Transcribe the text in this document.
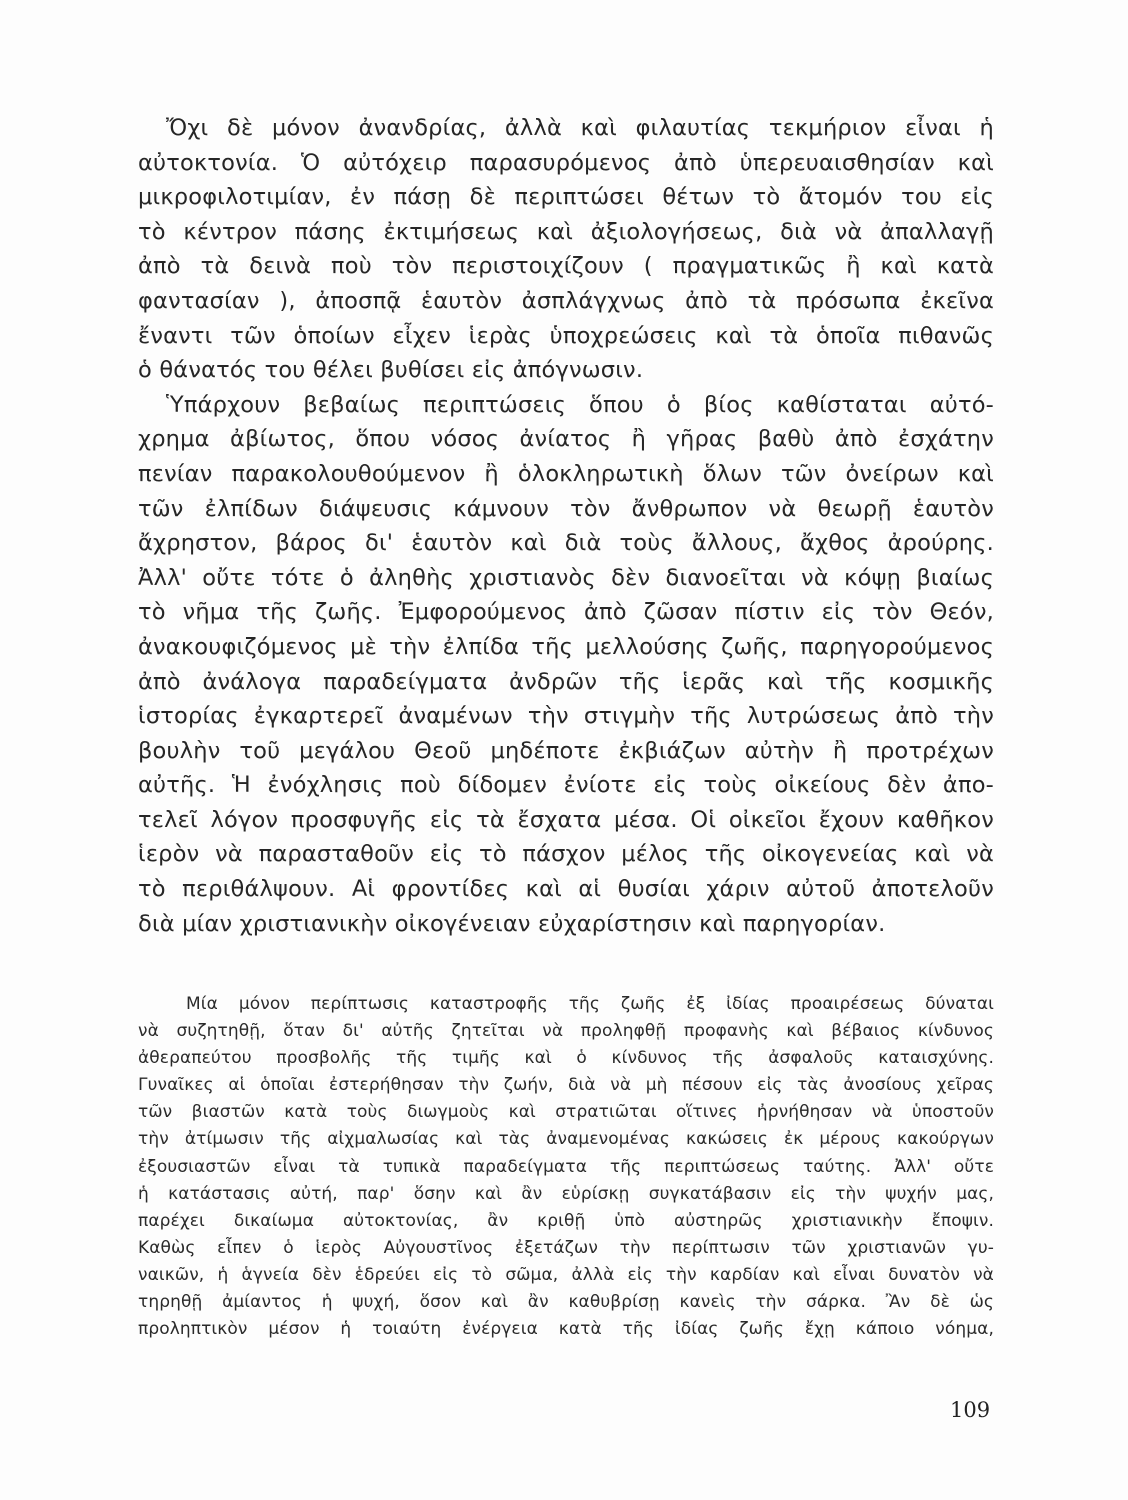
Ὄχι δὲ μόνον ἀνανδρίας, ἀλλὰ καὶ φιλαυτίας τεκμήριον εἶναι ἡ
αὐτοκτονία. Ὁ αὐτόχειρ παρασυρόμενος ἀπὸ ὑπερευαισθησίαν καὶ
μικροφιλοτιμίαν, ἐν πάσῃ δὲ περιπτώσει θέτων τὸ ἄτομόν του εἰς
τὸ κέντρον πάσης ἐκτιμήσεως καὶ ἀξιολογήσεως, διὰ νὰ ἀπαλλαγῇ
ἀπὸ τὰ δεινὰ ποὺ τὸν περιστοιχίζουν ( πραγματικῶς ἢ καὶ κατὰ
φαντασίαν ), ἀποσπᾷ ἑαυτὸν ἀσπλάγχνως ἀπὸ τὰ πρόσωπα ἐκεῖνα
ἔναντι τῶν ὁποίων εἶχεν ἱερὰς ὑποχρεώσεις καὶ τὰ ὁποῖα πιθανῶς
ὁ θάνατός του θέλει βυθίσει εἰς ἀπόγνωσιν.
Ὑπάρχουν βεβαίως περιπτώσεις ὅπου ὁ βίος καθίσταται αὐτό-
χρημα ἀβίωτος, ὅπου νόσος ἀνίατος ἢ γῆρας βαθὺ ἀπὸ ἐσχάτην
πενίαν παρακολουθούμενον ἢ ὁλοκληρωτικὴ ὅλων τῶν ὀνείρων καὶ
τῶν ἐλπίδων διάψευσις κάμνουν τὸν ἄνθρωπον νὰ θεωρῇ ἑαυτὸν
ἄχρηστον, βάρος δι' ἑαυτὸν καὶ διὰ τοὺς ἄλλους, ἄχθος ἀρούρης.
Ἀλλ' οὔτε τότε ὁ ἀληθὴς χριστιανὸς δὲν διανοεῖται νὰ κόψῃ βιαίως
τὸ νῆμα τῆς ζωῆς. Ἐμφορούμενος ἀπὸ ζῶσαν πίστιν εἰς τὸν Θεόν,
ἀνακουφιζόμενος μὲ τὴν ἐλπίδα τῆς μελλούσης ζωῆς, παρηγορούμενος
ἀπὸ ἀνάλογα παραδείγματα ἀνδρῶν τῆς ἱερᾶς καὶ τῆς κοσμικῆς
ἱστορίας ἐγκαρτερεῖ ἀναμένων τὴν στιγμὴν τῆς λυτρώσεως ἀπὸ τὴν
βουλὴν τοῦ μεγάλου Θεοῦ μηδέποτε ἐκβιάζων αὐτὴν ἢ προτρέχων
αὐτῆς. Ἡ ἐνόχλησις ποὺ δίδομεν ἐνίοτε εἰς τοὺς οἰκείους δὲν ἀπο-
τελεῖ λόγον προσφυγῆς εἰς τὰ ἔσχατα μέσα. Οἱ οἰκεῖοι ἔχουν καθῆκον
ἱερὸν νὰ παρασταθοῦν εἰς τὸ πάσχον μέλος τῆς οἰκογενείας καὶ νὰ
τὸ περιθάλψουν. Αἱ φροντίδες καὶ αἱ θυσίαι χάριν αὐτοῦ ἀποτελοῦν
διὰ μίαν χριστιανικὴν οἰκογένειαν εὐχαρίστησιν καὶ παρηγορίαν.
Μία μόνον περίπτωσις καταστροφῆς τῆς ζωῆς ἐξ ἰδίας προαιρέσεως δύναται
νὰ συζητηθῇ, ὅταν δι' αὐτῆς ζητεῖται νὰ προληφθῇ προφανὴς καὶ βέβαιος κίνδυνος
ἀθεραπεύτου προσβολῆς τῆς τιμῆς καὶ ὁ κίνδυνος τῆς ἀσφαλοῦς καταισχύνης.
Γυναῖκες αἱ ὁποῖαι ἐστερήθησαν τὴν ζωήν, διὰ νὰ μὴ πέσουν εἰς τὰς ἀνοσίους χεῖρας
τῶν βιαστῶν κατὰ τοὺς διωγμοὺς καὶ στρατιῶται οἵτινες ἠρνήθησαν νὰ ὑποστοῦν
τὴν ἀτίμωσιν τῆς αἰχμαλωσίας καὶ τὰς ἀναμενομένας κακώσεις ἐκ μέρους κακούργων
ἐξουσιαστῶν εἶναι τὰ τυπικὰ παραδείγματα τῆς περιπτώσεως ταύτης. Ἀλλ' οὔτε
ἡ κατάστασις αὐτή, παρ' ὅσην καὶ ἂν εὑρίσκῃ συγκατάβασιν εἰς τὴν ψυχήν μας,
παρέχει δικαίωμα αὐτοκτονίας, ἂν κριθῇ ὑπὸ αὐστηρῶς χριστιανικὴν ἔποψιν.
Καθὼς εἶπεν ὁ ἱερὸς Αὐγουστῖνος ἐξετάζων τὴν περίπτωσιν τῶν χριστιανῶν γυ-
ναικῶν, ἡ ἁγνεία δὲν ἑδρεύει εἰς τὸ σῶμα, ἀλλὰ εἰς τὴν καρδίαν καὶ εἶναι δυνατὸν νὰ
τηρηθῇ ἀμίαντος ἡ ψυχή, ὅσον καὶ ἂν καθυβρίσῃ κανεὶς τὴν σάρκα. Ἂν δὲ ὡς
προληπτικὸν μέσον ἡ τοιαύτη ἐνέργεια κατὰ τῆς ἰδίας ζωῆς ἔχῃ κάποιο νόημα,
109
